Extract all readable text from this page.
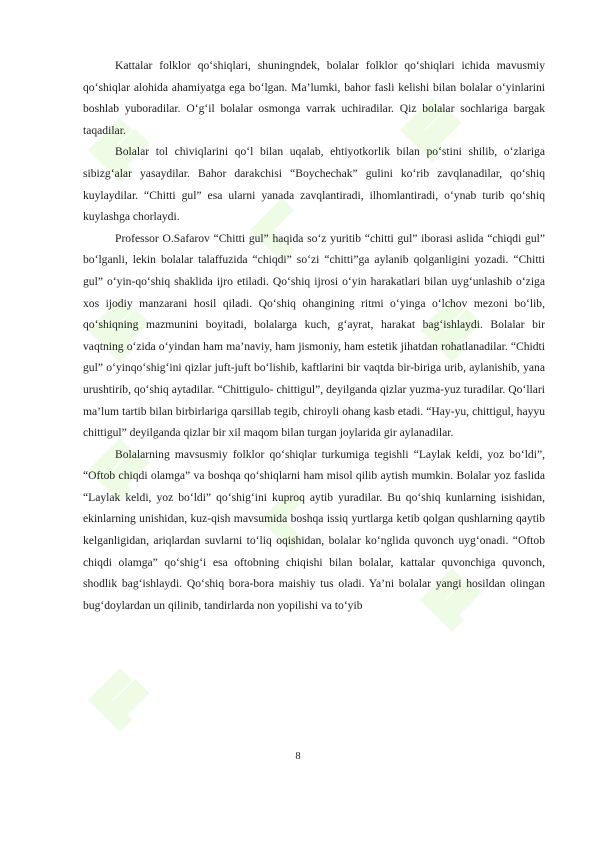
Kattalar folklor qo‘shiqlari, shuningndek, bolalar folklor qo‘shiqlari ichida mavusmiy qo‘shiqlar alohida ahamiyatga ega bo‘lgan. Ma’lumki, bahor fasli kelishi bilan bolalar o‘yinlarini boshlab yuboradilar. O‘g‘il bolalar osmonga varrak uchiradilar. Qiz bolalar sochlariga bargak taqadilar.

Bolalar tol chiviqlarini qo‘l bilan uqalab, ehtiyotkorlik bilan po‘stini shilib, o‘zlariga sibizg‘alar yasaydilar. Bahor darakchisi “Boychechak” gulini ko‘rib zavqlanadilar, qo‘shiq kuylaydilar. “Chitti gul” esa ularni yanada zavqlantiradi, ilhomlantiradi, o‘ynab turib qo‘shiq kuylashga chorlaydi.

Professor O.Safarov “Chitti gul” haqida so‘z yuritib “chitti gul” iborasi aslida “chiqdi gul” bo‘lganli, lekin bolalar talaffuzida “chiqdi” so‘zi “chitti”ga aylanib qolganligini yozadi. “Chitti gul” o‘yin-qo‘shiq shaklida ijro etiladi. Qo‘shiq ijrosi o‘yin harakatlari bilan uyg‘unlashib o‘ziga xos ijodiy manzarani hosil qiladi. Qo‘shiq ohangining ritmi o‘yinga o‘lchov mezoni bo‘lib, qo‘shiqning mazmunini boyitadi, bolalarga kuch, g‘ayrat, harakat bag‘ishlaydi. Bolalar bir vaqtning o‘zida o‘yindan ham ma’naviy, ham jismoniy, ham estetik jihatdan rohatlanadilar. “Chidti gul” o‘yinqo‘shig‘ini qizlar juft-juft bo‘lishib, kaftlarini bir vaqtda bir-biriga urib, aylanishib, yana urushtirib, qo‘shiq aytadilar. “Chittigulo- chittigul”, deyilganda qizlar yuzma-yuz turadilar. Qo‘llari ma’lum tartib bilan birbirlariga qarsillab tegib, chiroyli ohang kasb etadi. “Hay-yu, chittigul, hayyu chittigul” deyilganda qizlar bir xil maqom bilan turgan joylarida gir aylanadilar.

Bolalarning mavsusmiy folklor qo‘shiqlar turkumiga tegishli “Laylak keldi, yoz bo‘ldi”, “Oftob chiqdi olamga” va boshqa qo‘shiqlarni ham misol qilib aytish mumkin. Bolalar yoz faslida “Laylak keldi, yoz bo‘ldi” qo‘shig‘ini kuproq aytib yuradilar. Bu qo‘shiq kunlarning isishidan, ekinlarning unishidan, kuz-qish mavsumida boshqa issiq yurtlarga ketib qolgan qushlarning qaytib kelganligidan, ariqlardan suvlarni to‘liq oqishidan, bolalar ko‘nglida quvonch uyg‘onadi. “Oftob chiqdi olamga” qo‘shig‘i esa oftobning chiqishi bilan bolalar, kattalar quvonchiga quvonch, shodlik bag‘ishlaydi. Qo‘shiq bora-bora maishiy tus oladi. Ya’ni bolalar yangi hosildan olingan bug‘doylardan un qilinib, tandirlarda non yopilishi va to‘yib

8
